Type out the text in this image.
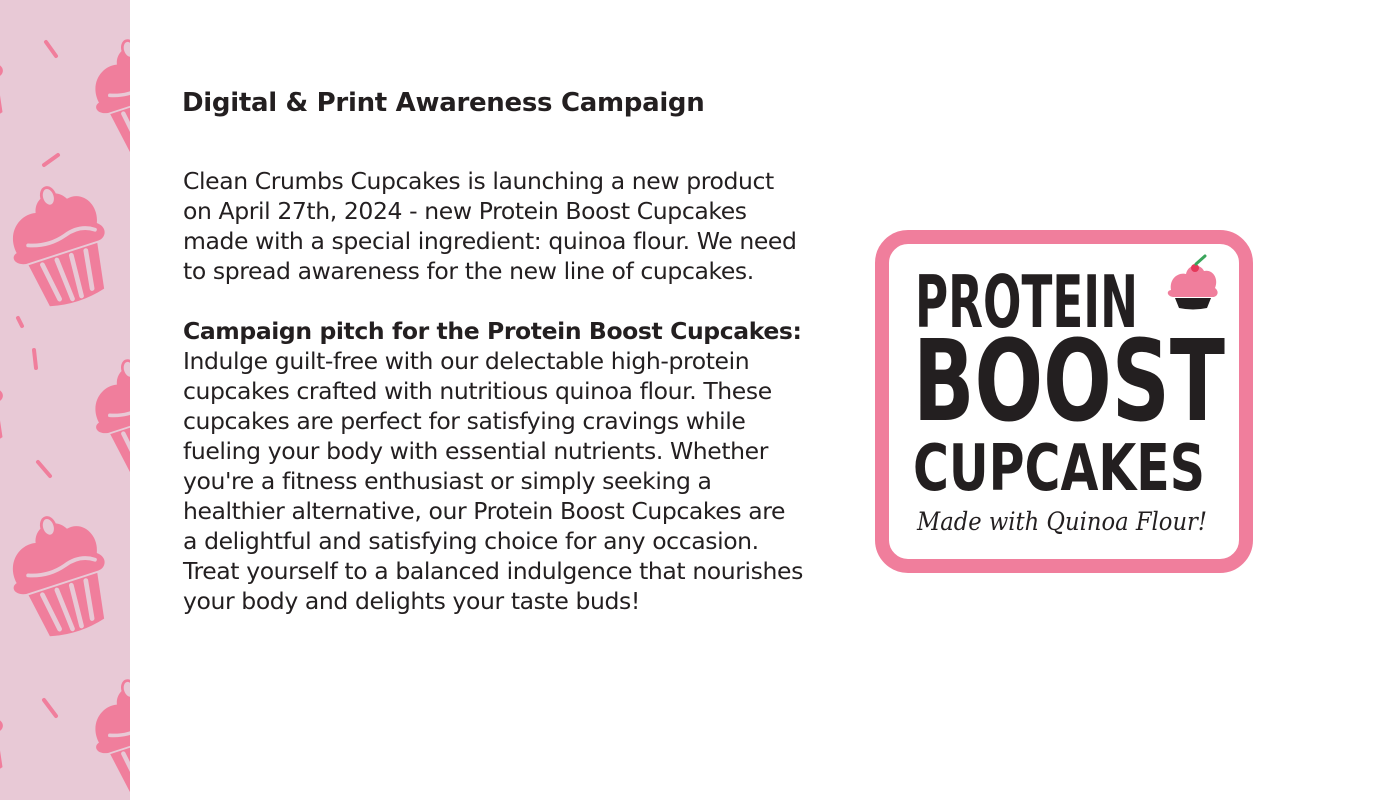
Digital & Print Awareness Campaign

Clean Crumbs Cupcakes is launching a new product on April 27th, 2024 - new Protein Boost Cupcakes made with a special ingredient: quinoa flour. We need to spread awareness for the new line of cupcakes.

Campaign pitch for the Protein Boost Cupcakes:
Indulge guilt-free with our delectable high-protein cupcakes crafted with nutritious quinoa flour. These cupcakes are perfect for satisfying cravings while fueling your body with essential nutrients. Whether you're a fitness enthusiast or simply seeking a healthier alternative, our Protein Boost Cupcakes are a delightful and satisfying choice for any occasion. Treat yourself to a balanced indulgence that nourishes your body and delights your taste buds!

PROTEIN
BOOST
CUPCAKES
Made with Quinoa Flour!
